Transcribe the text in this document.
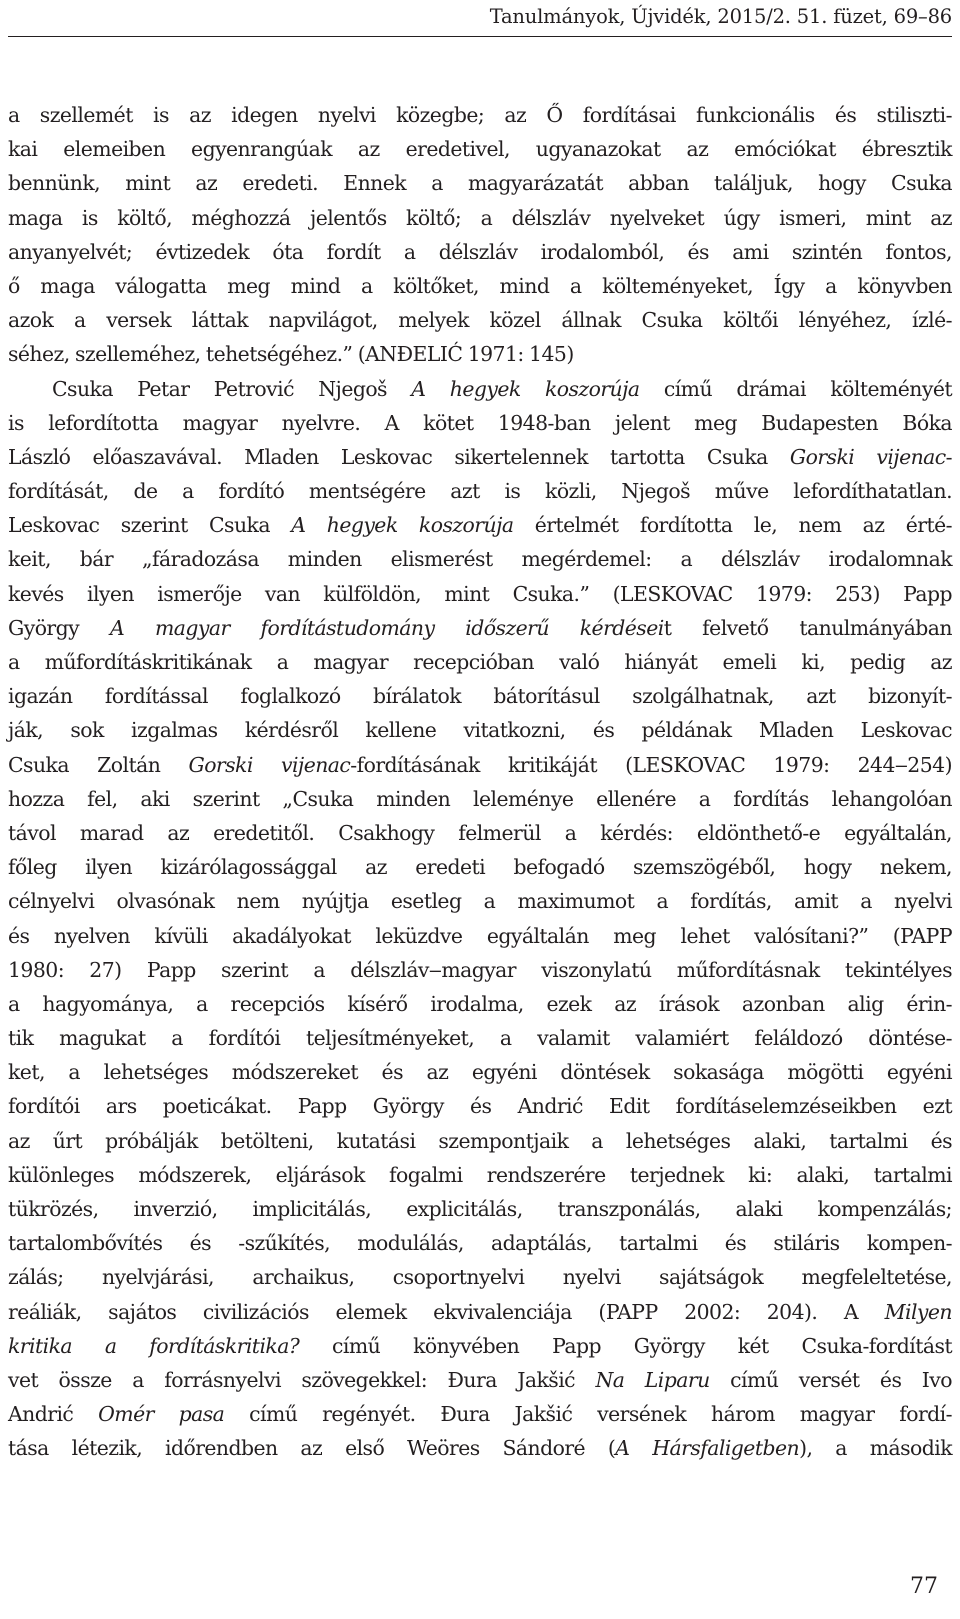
Tanulmányok, Újvidék, 2015/2. 51. füzet, 69–86
a szellemét is az idegen nyelvi közegbe; az Ő fordításai funkcionális és stiliszti-
kai elemeiben egyenrangúak az eredetivel, ugyanazokat az emóciókat ébresztik
bennünk, mint az eredeti. Ennek a magyarázatát abban találjuk, hogy Csuka
maga is költő, méghozzá jelentős költő; a délszláv nyelveket úgy ismeri, mint az
anyanyelvét; évtizedek óta fordít a délszláv irodalomból, és ami szintén fontos,
ő maga válogatta meg mind a költőket, mind a költeményeket, Így a könyvben
azok a versek láttak napvilágot, melyek közel állnak Csuka költői lényéhez, ízlé-
séhez, szelleméhez, tehetségéhez.” (ANĐELIĆ 1971: 145)
Csuka Petar Petrović Njegoš A hegyek koszorúja című drámai költeményét
is lefordította magyar nyelvre. A kötet 1948-ban jelent meg Budapesten Bóka
László előaszavával. Mladen Leskovac sikertelennek tartotta Csuka Gorski vijenac-
fordítását, de a fordító mentségére azt is közli, Njegoš műve lefordíthatatlan.
Leskovac szerint Csuka A hegyek koszorúja értelmét fordította le, nem az érté-
keit, bár „fáradozása minden elismerést megérdemel: a délszláv irodalomnak
kevés ilyen ismerője van külföldön, mint Csuka.” (LESKOVAC 1979: 253) Papp
György A magyar fordítástudomány időszerű kérdéseit felvető tanulmányában
a műfordításkritikának a magyar recepcióban való hiányát emeli ki, pedig az
igazán fordítással foglalkozó bírálatok bátorításul szolgálhatnak, azt bizonyít-
ják, sok izgalmas kérdésről kellene vitatkozni, és példának Mladen Leskovac
Csuka Zoltán Gorski vijenac-fordításának kritikáját (LESKOVAC 1979: 244‒254)
hozza fel, aki szerint „Csuka minden leleménye ellenére a fordítás lehangolóan
távol marad az eredetitől. Csakhogy felmerül a kérdés: eldönthető-e egyáltalán,
főleg ilyen kizárólagossággal az eredeti befogadó szemszögéből, hogy nekem,
célnyelvi olvasónak nem nyújtja esetleg a maximumot a fordítás, amit a nyelvi
és nyelven kívüli akadályokat leküzdve egyáltalán meg lehet valósítani?” (PAPP
1980: 27) Papp szerint a délszláv‒magyar viszonylatú műfordításnak tekintélyes
a hagyománya, a recepciós kísérő irodalma, ezek az írások azonban alig érin-
tik magukat a fordítói teljesítményeket, a valamit valamiért feláldozó döntése-
ket, a lehetséges módszereket és az egyéni döntések sokasága mögötti egyéni
fordítói ars poeticákat. Papp György és Andrić Edit fordításelemzéseikben ezt
az űrt próbálják betölteni, kutatási szempontjaik a lehetséges alaki, tartalmi és
különleges módszerek, eljárások fogalmi rendszerére terjednek ki: alaki, tartalmi
tükrözés, inverzió, implicitálás, explicitálás, transzponálás, alaki kompenzálás;
tartalombővítés és -szűkítés, modulálás, adaptálás, tartalmi és stiláris kompen-
zálás; nyelvjárási, archaikus, csoportnyelvi nyelvi sajátságok megfeleltetése,
reáliák, sajátos civilizációs elemek ekvivalenciája (PAPP 2002: 204). A Milyen
kritika a fordításkritika? című könyvében Papp György két Csuka-fordítást
vet össze a forrásnyelvi szövegekkel: Đura Jakšić Na Liparu című versét és Ivo
Andrić Omér pasa című regényét. Đura Jakšić versének három magyar fordí-
tása létezik, időrendben az első Weöres Sándoré (A Hársfaligetben), a második
77
